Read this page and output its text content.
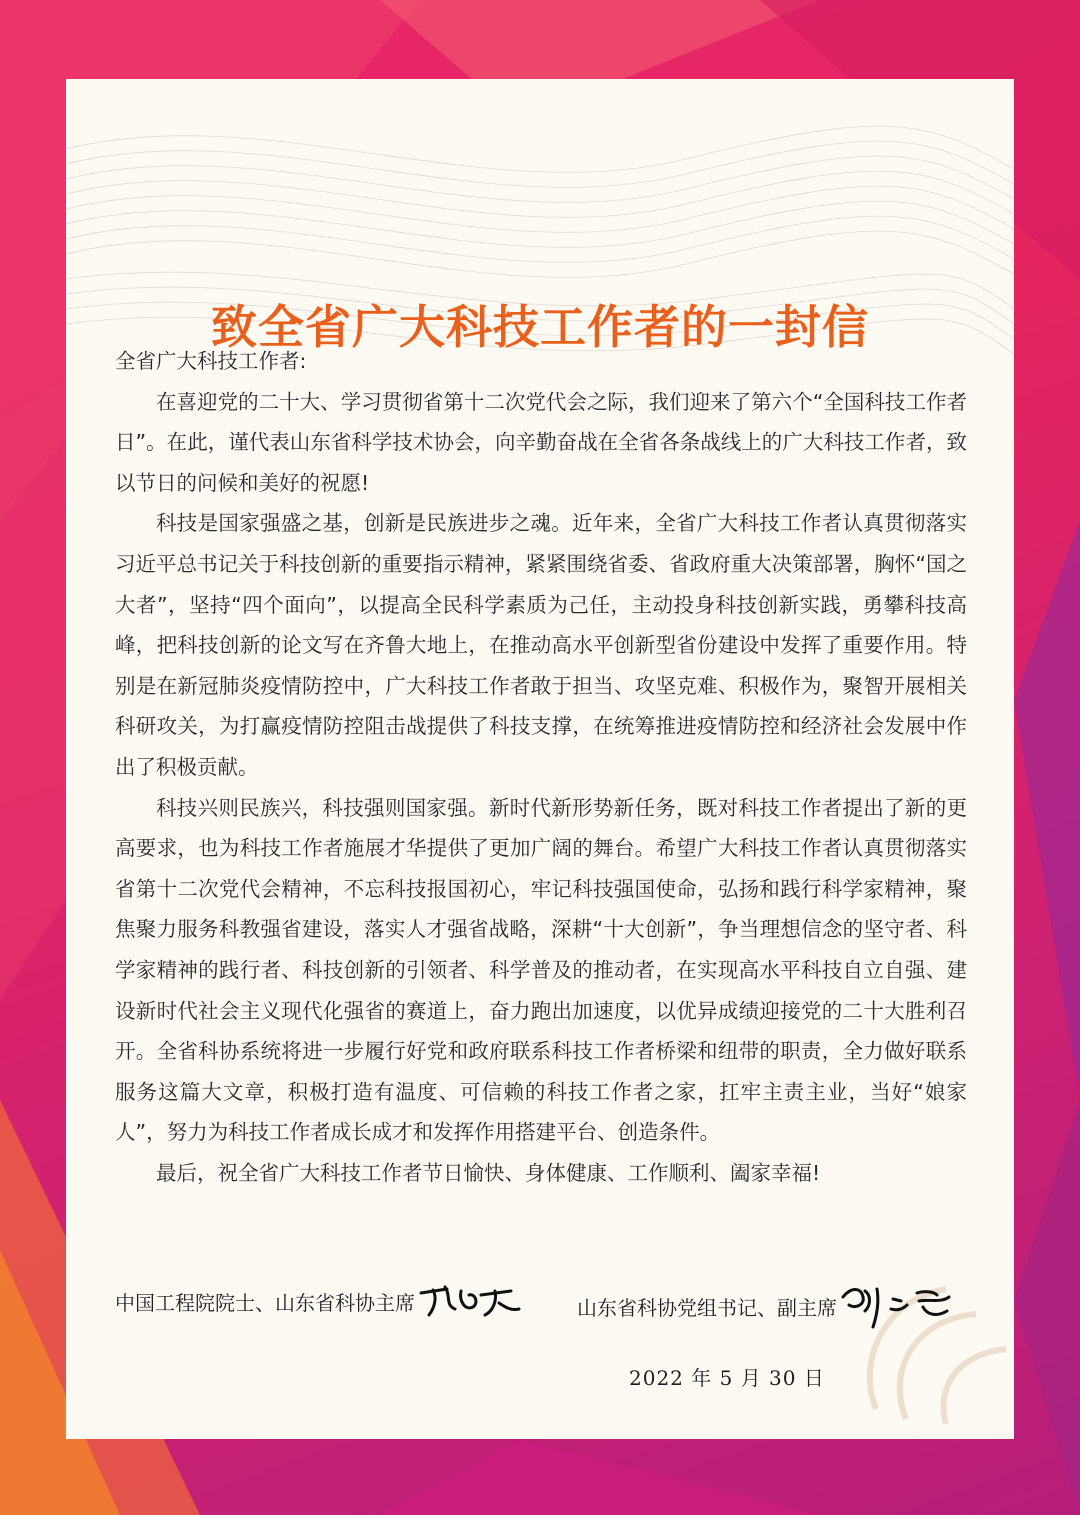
致全省广大科技工作者的一封信

全省广大科技工作者:

在喜迎党的二十大、学习贯彻省第十二次党代会之际，我们迎来了第六个“全国科技工作者日”。在此，谨代表山东省科学技术协会，向辛勤奋战在全省各条战线上的广大科技工作者，致以节日的问候和美好的祝愿!

科技是国家强盛之基，创新是民族进步之魂。近年来，全省广大科技工作者认真贯彻落实习近平总书记关于科技创新的重要指示精神，紧紧围绕省委、省政府重大决策部署，胸怀“国之大者”，坚持“四个面向”，以提高全民科学素质为己任，主动投身科技创新实践，勇攀科技高峰，把科技创新的论文写在齐鲁大地上，在推动高水平创新型省份建设中发挥了重要作用。特别是在新冠肺炎疫情防控中，广大科技工作者敢于担当、攻坚克难、积极作为，聚智开展相关科研攻关，为打赢疫情防控阻击战提供了科技支撑，在统筹推进疫情防控和经济社会发展中作出了积极贡献。

科技兴则民族兴，科技强则国家强。新时代新形势新任务，既对科技工作者提出了新的更高要求，也为科技工作者施展才华提供了更加广阔的舞台。希望广大科技工作者认真贯彻落实省第十二次党代会精神，不忘科技报国初心，牢记科技强国使命，弘扬和践行科学家精神，聚焦聚力服务科教强省建设，落实人才强省战略，深耕“十大创新”，争当理想信念的坚守者、科学家精神的践行者、科技创新的引领者、科学普及的推动者，在实现高水平科技自立自强、建设新时代社会主义现代化强省的赛道上，奋力跑出加速度，以优异成绩迎接党的二十大胜利召开。全省科协系统将进一步履行好党和政府联系科技工作者桥梁和纽带的职责，全力做好联系服务这篇大文章，积极打造有温度、可信赖的科技工作者之家，扛牢主责主业，当好“娘家人”，努力为科技工作者成长成才和发挥作用搭建平台、创造条件。

最后，祝全省广大科技工作者节日愉快、身体健康、工作顺利、阖家幸福!

中国工程院院士、山东省科协主席	山东省科协党组书记、副主席
2022 年 5 月 30 日
